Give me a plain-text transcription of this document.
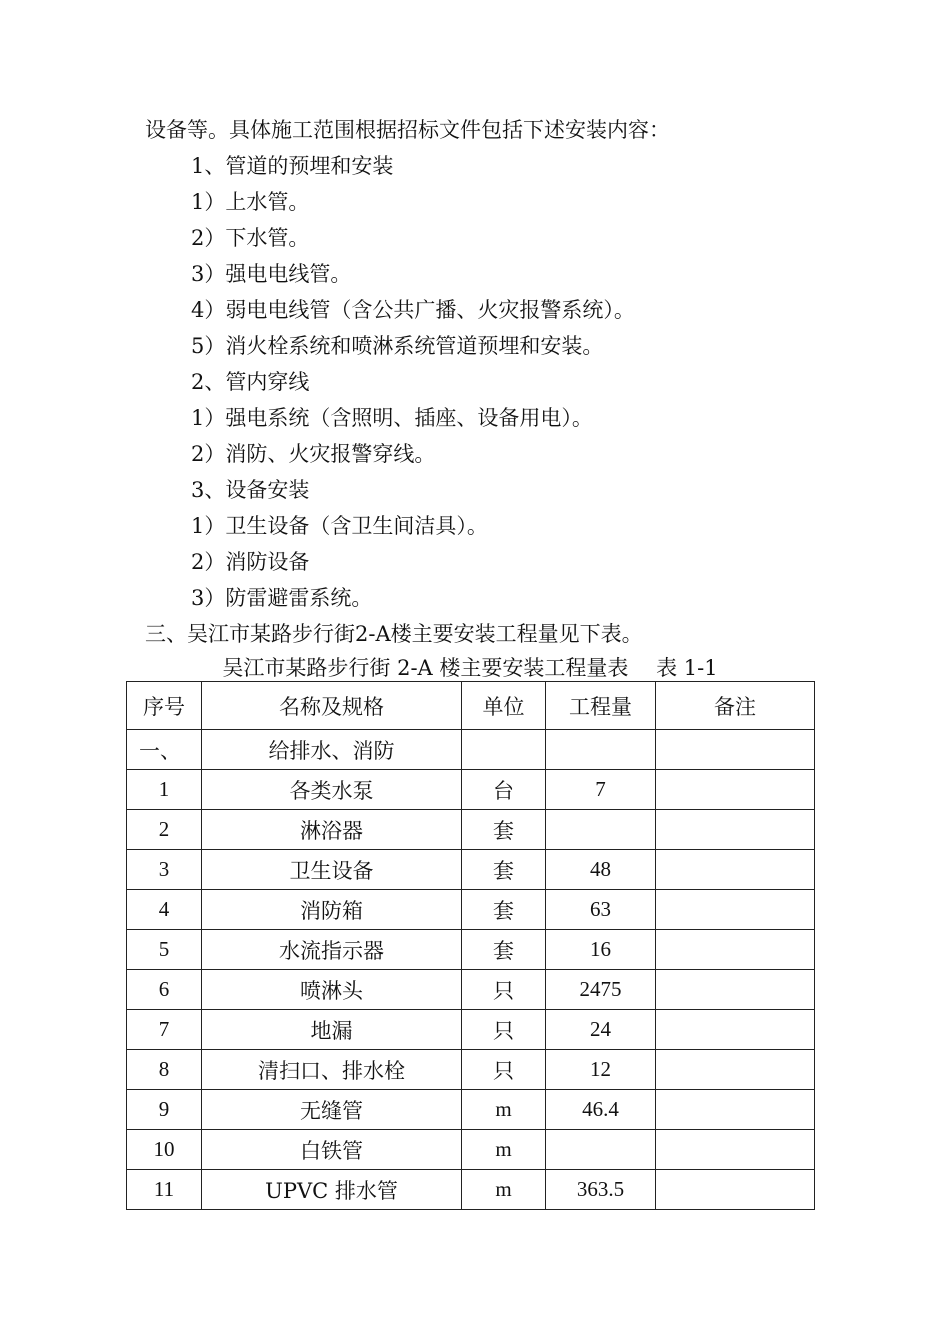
设备等。具体施工范围根据招标文件包括下述安装内容：
1、管道的预埋和安装
1）上水管。
2）下水管。
3）强电电线管。
4）弱电电线管（含公共广播、火灾报警系统）。
5）消火栓系统和喷淋系统管道预埋和安装。
2、管内穿线
1）强电系统（含照明、插座、设备用电）。
2）消防、火灾报警穿线。
3、设备安装
1）卫生设备（含卫生间洁具）。
2）消防设备
3）防雷避雷系统。
三、吴江市某路步行街2-A楼主要安装工程量见下表。
吴江市某路步行街 2-A 楼主要安装工程量表　 表 1-1
序号	名称及规格	单位	工程量	备注
一、	给排水、消防			
1	各类水泵	台	7	
2	淋浴器	套		
3	卫生设备	套	48	
4	消防箱	套	63	
5	水流指示器	套	16	
6	喷淋头	只	2475	
7	地漏	只	24	
8	清扫口、排水栓	只	12	
9	无缝管	m	46.4	
10	白铁管	m		
11	UPVC 排水管	m	363.5	
